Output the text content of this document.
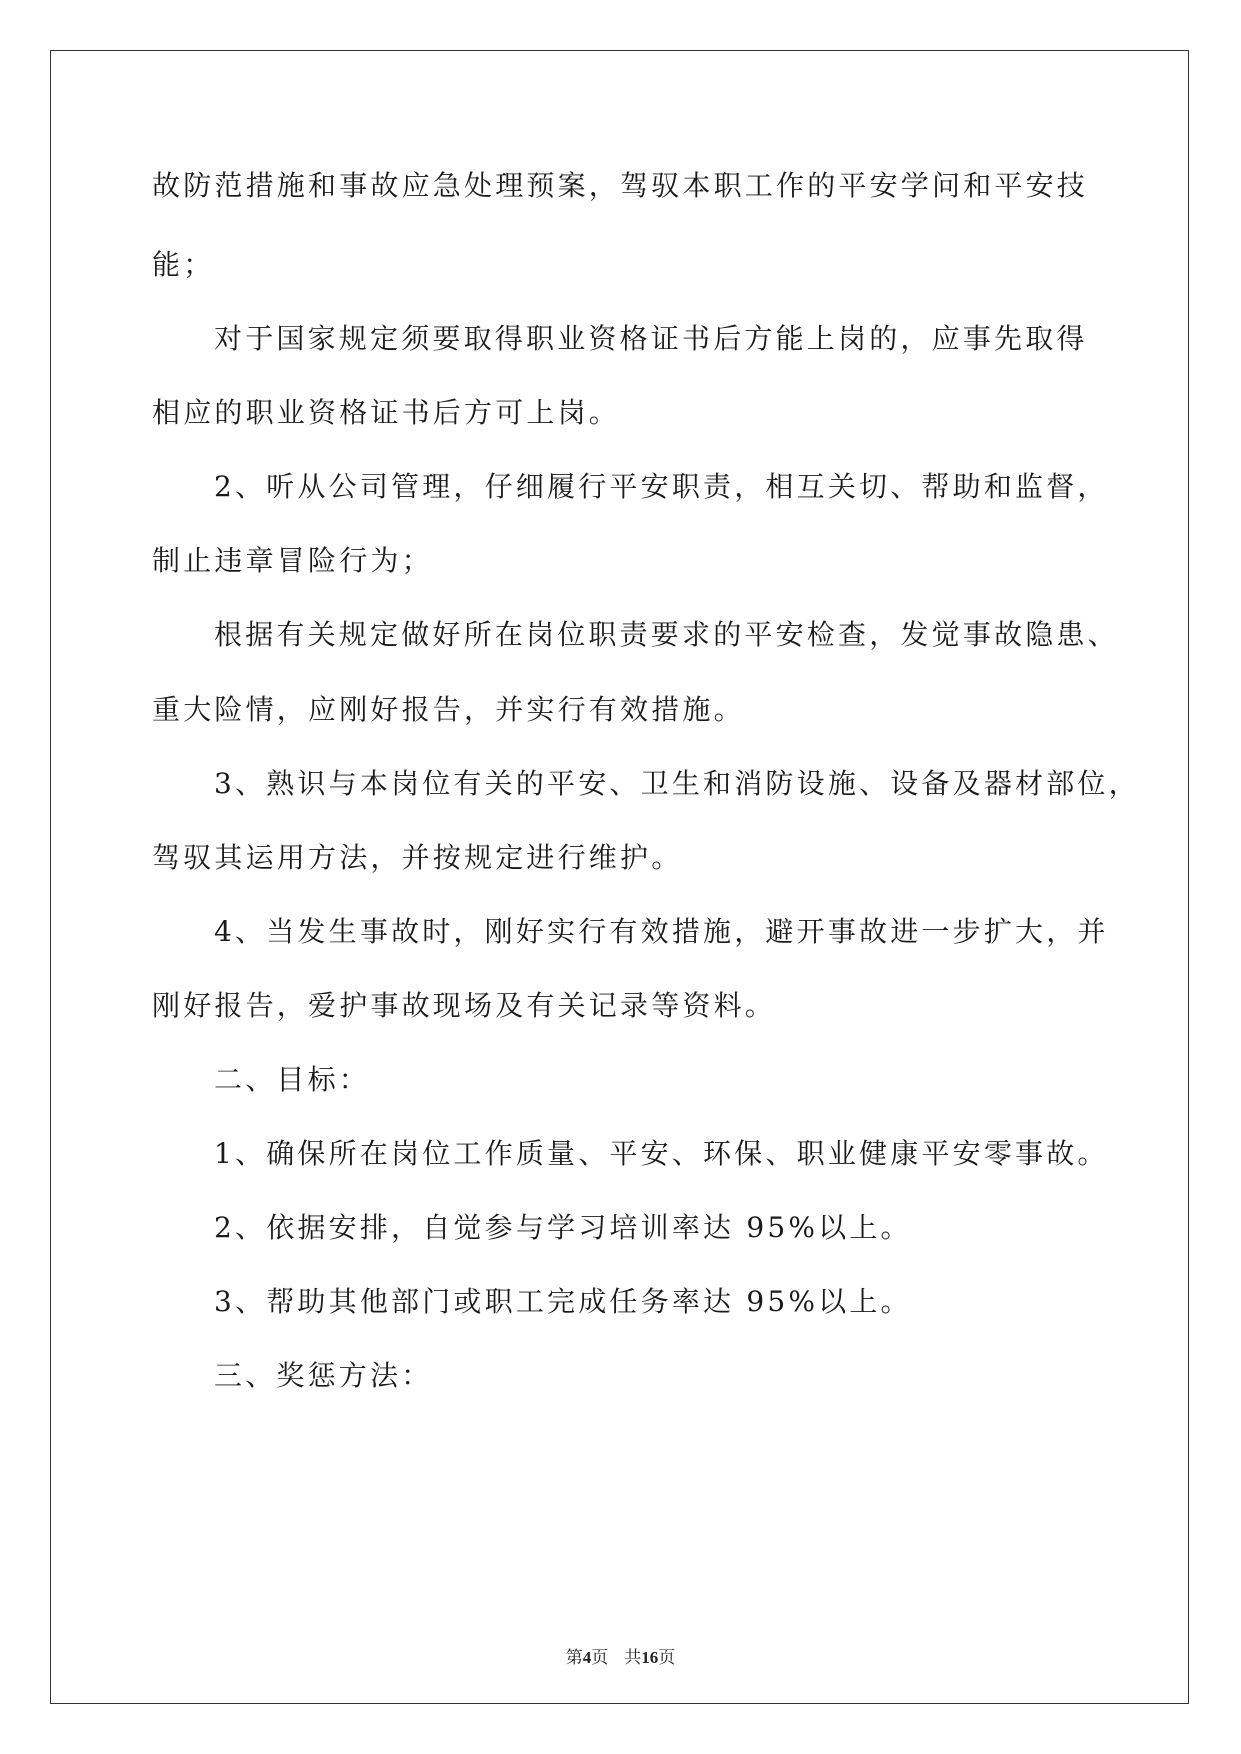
故防范措施和事故应急处理预案，驾驭本职工作的平安学问和平安技
能；
对于国家规定须要取得职业资格证书后方能上岗的，应事先取得
相应的职业资格证书后方可上岗。
2、听从公司管理，仔细履行平安职责，相互关切、帮助和监督，
制止违章冒险行为；
根据有关规定做好所在岗位职责要求的平安检查，发觉事故隐患、
重大险情，应刚好报告，并实行有效措施。
3、熟识与本岗位有关的平安、卫生和消防设施、设备及器材部位，
驾驭其运用方法，并按规定进行维护。
4、当发生事故时，刚好实行有效措施，避开事故进一步扩大，并
刚好报告，爱护事故现场及有关记录等资料。
二、目标：
1、确保所在岗位工作质量、平安、环保、职业健康平安零事故。
2、依据安排，自觉参与学习培训率达 95%以上。
3、帮助其他部门或职工完成任务率达 95%以上。
三、奖惩方法：
第4页 共16页
